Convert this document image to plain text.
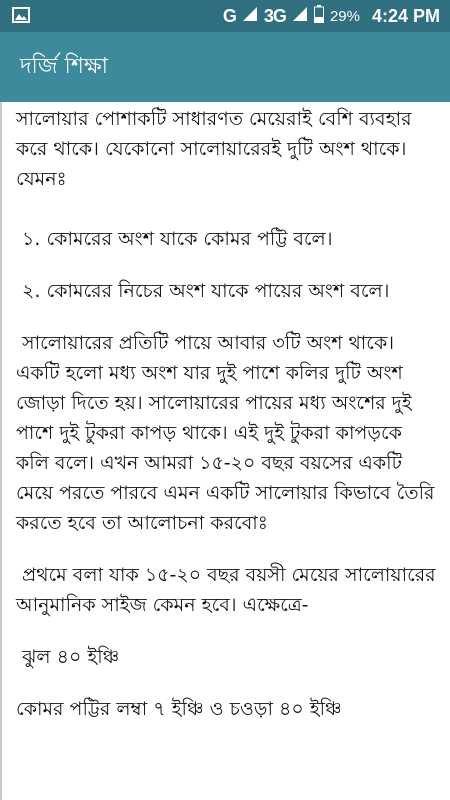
G 3G	29% 4:24 PM
দর্জি শিক্ষা

সালোয়ার পোশাকটি সাধারণত মেয়েরাই বেশি ব্যবহার করে থাকে। যেকোনো সালোয়ারেরই দুটি অংশ থাকে। যেমনঃ

১. কোমরের অংশ যাকে কোমর পট্টি বলে।

২. কোমরের নিচের অংশ যাকে পায়ের অংশ বলে।

সালোয়ারের প্রতিটি পায়ে আবার ৩টি অংশ থাকে। একটি হলো মধ্য অংশ যার দুই পাশে কলির দুটি অংশ জোড়া দিতে হয়। সালোয়ারের পায়ের মধ্য অংশের দুই পাশে দুই টুকরা কাপড় থাকে। এই দুই টুকরা কাপড়কে কলি বলে। এখন আমরা ১৫-২০ বছর বয়সের একটি মেয়ে পরতে পারবে এমন একটি সালোয়ার কিভাবে তৈরি করতে হবে তা আলোচনা করবোঃ

প্রথমে বলা যাক ১৫-২০ বছর বয়সী মেয়ের সালোয়ারের আনুমানিক সাইজ কেমন হবে। এক্ষেত্রে-

ঝুল ৪০ ইঞ্চি

কোমর পট্টির লম্বা ৭ ইঞ্চি ও চওড়া ৪০ ইঞ্চি
